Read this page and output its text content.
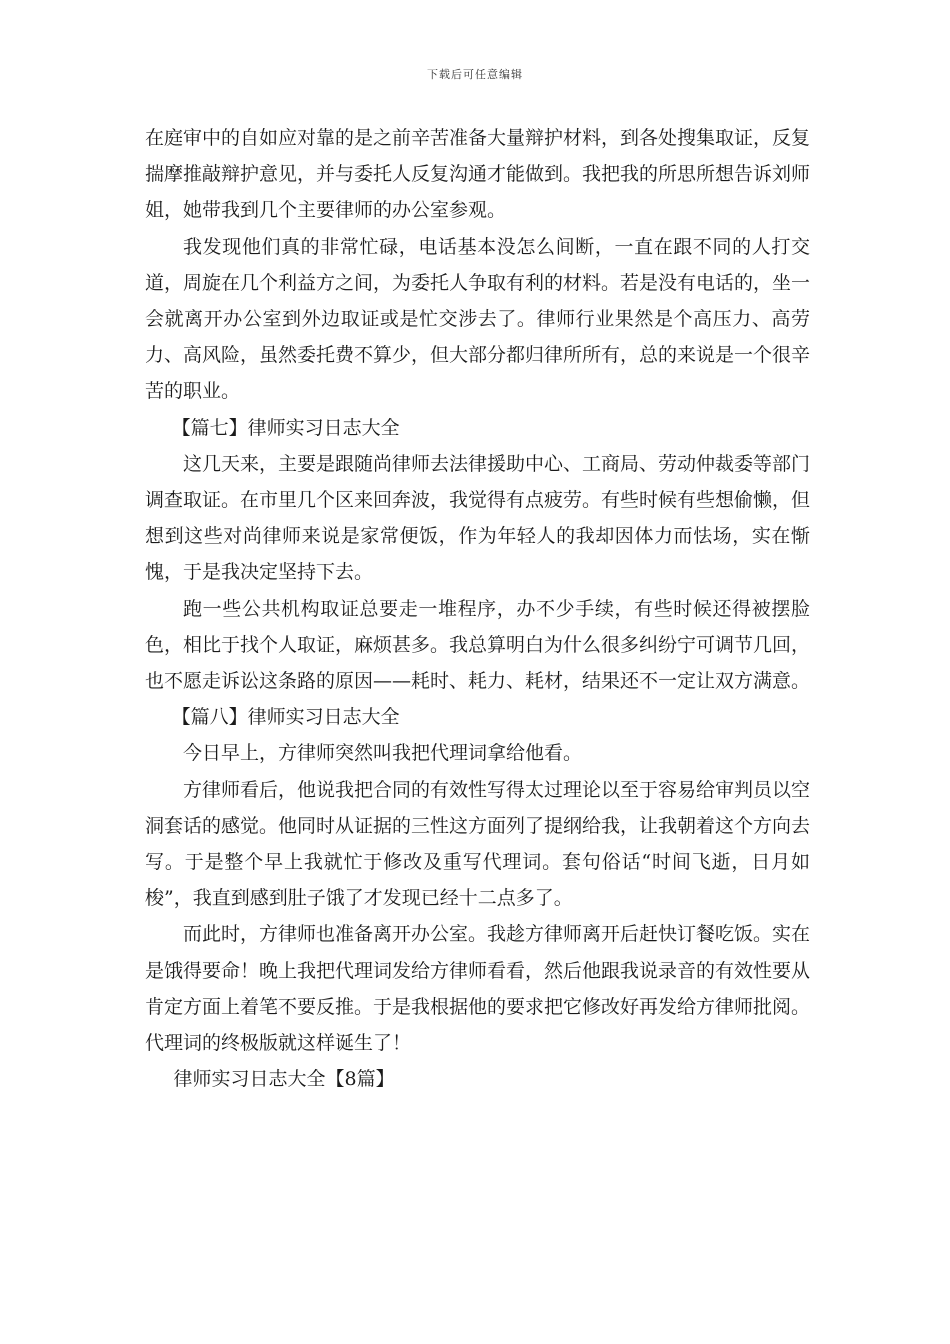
下载后可任意编辑

在庭审中的自如应对靠的是之前辛苦准备大量辩护材料，到各处搜集取证，反复揣摩推敲辩护意见，并与委托人反复沟通才能做到。我把我的所思所想告诉刘师姐，她带我到几个主要律师的办公室参观。

我发现他们真的非常忙碌，电话基本没怎么间断，一直在跟不同的人打交道，周旋在几个利益方之间，为委托人争取有利的材料。若是没有电话的，坐一会就离开办公室到外边取证或是忙交涉去了。律师行业果然是个高压力、高劳力、高风险，虽然委托费不算少，但大部分都归律所所有，总的来说是一个很辛苦的职业。

【篇七】律师实习日志大全

这几天来，主要是跟随尚律师去法律援助中心、工商局、劳动仲裁委等部门调查取证。在市里几个区来回奔波，我觉得有点疲劳。有些时候有些想偷懒，但想到这些对尚律师来说是家常便饭，作为年轻人的我却因体力而怯场，实在惭愧，于是我决定坚持下去。

跑一些公共机构取证总要走一堆程序，办不少手续，有些时候还得被摆脸色，相比于找个人取证，麻烦甚多。我总算明白为什么很多纠纷宁可调节几回，也不愿走诉讼这条路的原因——耗时、耗力、耗材，结果还不一定让双方满意。

【篇八】律师实习日志大全

今日早上，方律师突然叫我把代理词拿给他看。

方律师看后，他说我把合同的有效性写得太过理论以至于容易给审判员以空洞套话的感觉。他同时从证据的三性这方面列了提纲给我，让我朝着这个方向去写。于是整个早上我就忙于修改及重写代理词。套句俗话“时间飞逝，日月如梭”，我直到感到肚子饿了才发现已经十二点多了。

而此时，方律师也准备离开办公室。我趁方律师离开后赶快订餐吃饭。实在是饿得要命！晚上我把代理词发给方律师看看，然后他跟我说录音的有效性要从肯定方面上着笔不要反推。于是我根据他的要求把它修改好再发给方律师批阅。代理词的终极版就这样诞生了！

律师实习日志大全【8篇】
